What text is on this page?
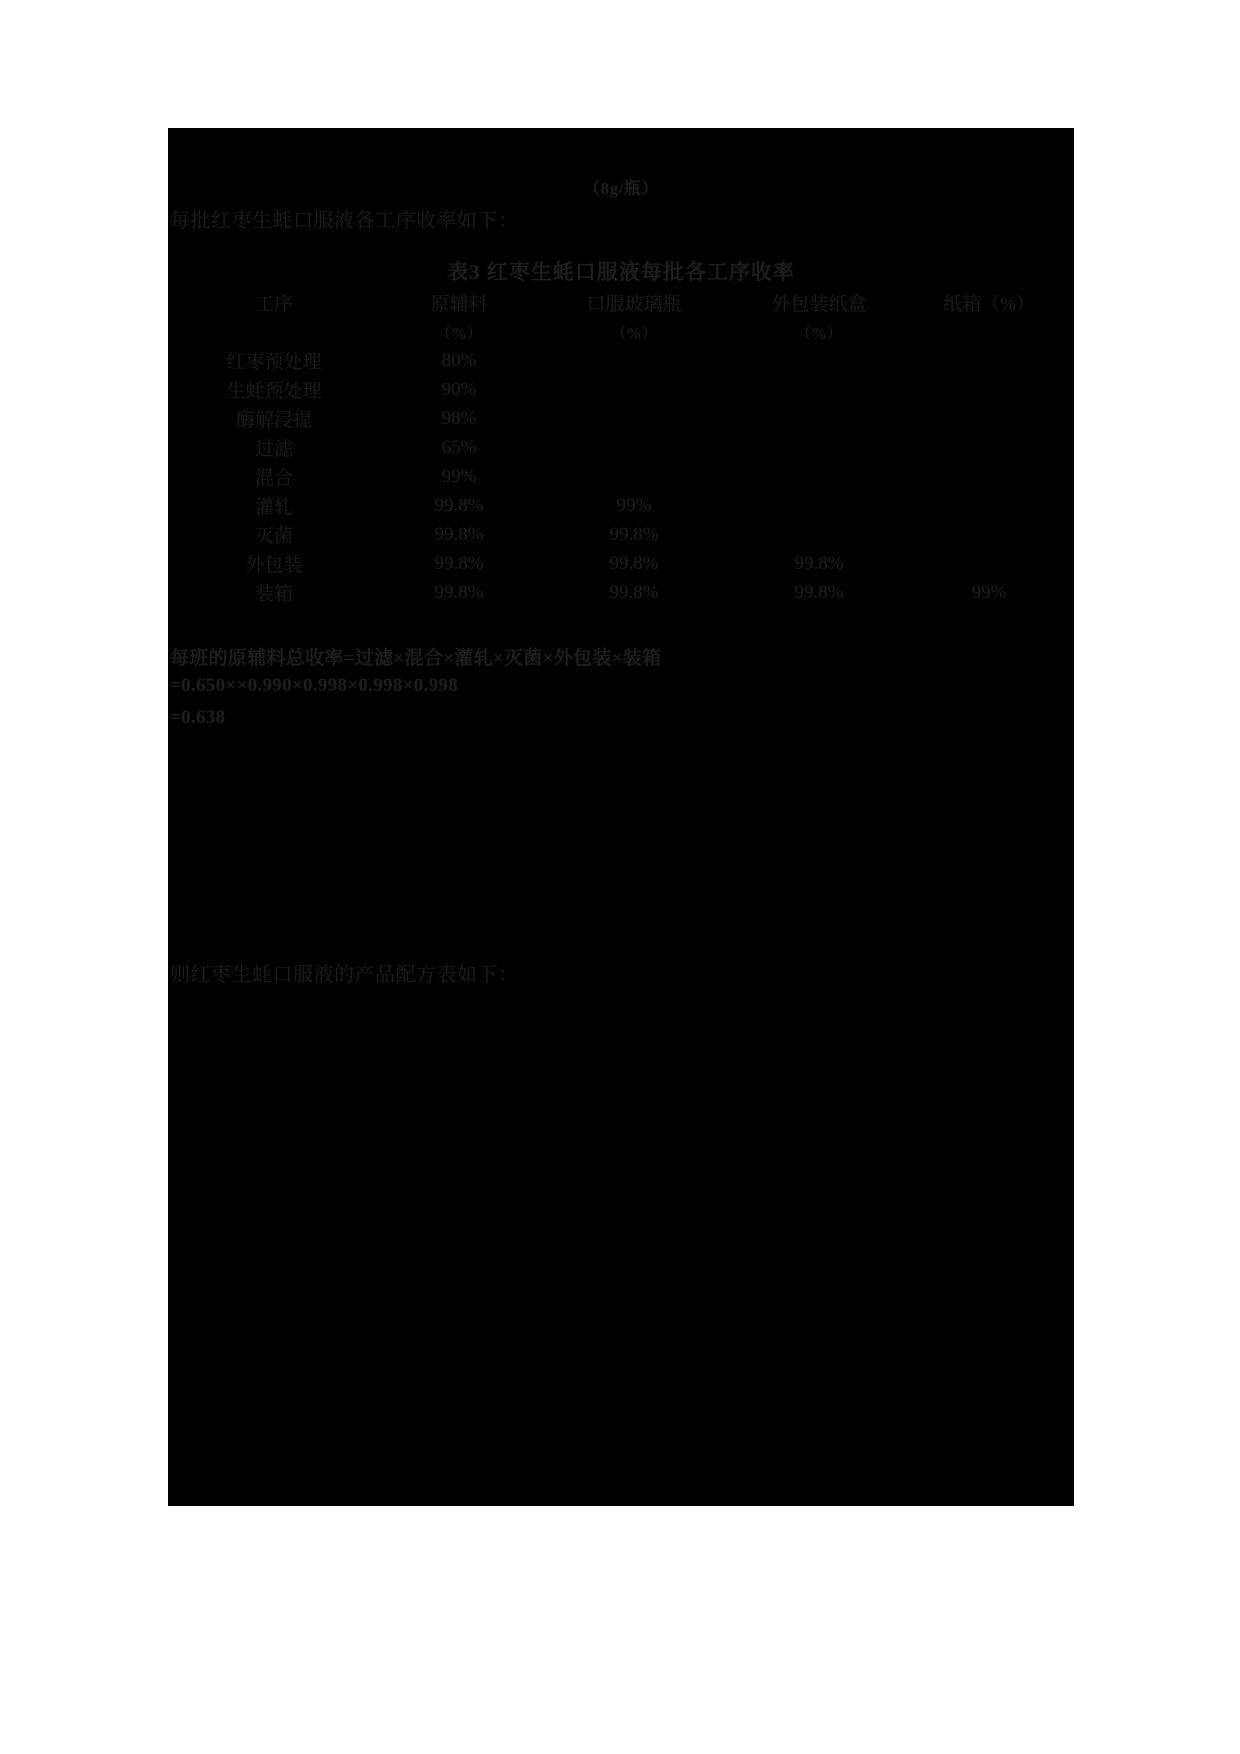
（8g/瓶）
每批红枣生蚝口服液各工序收率如下：
表3 红枣生蚝口服液每批各工序收率
工序	原辅料	口服玻璃瓶	外包装纸盒	纸箱（%）
	（%）	（%）	（%）	
红枣预处理	80%			
生蚝预处理	90%			
酶解浸提	98%			
过滤	65%			
混合	99%			
灌轧	99.8%	99%		
灭菌	99.8%	99.8%		
外包装	99.8%	99.8%	99.8%	
装箱	99.8%	99.8%	99.8%	99%
每班的原辅料总收率=过滤×混合×灌轧×灭菌×外包装×装箱
=0.650××0.990×0.998×0.998×0.998
=0.638
则红枣生蚝口服液的产品配方表如下：
